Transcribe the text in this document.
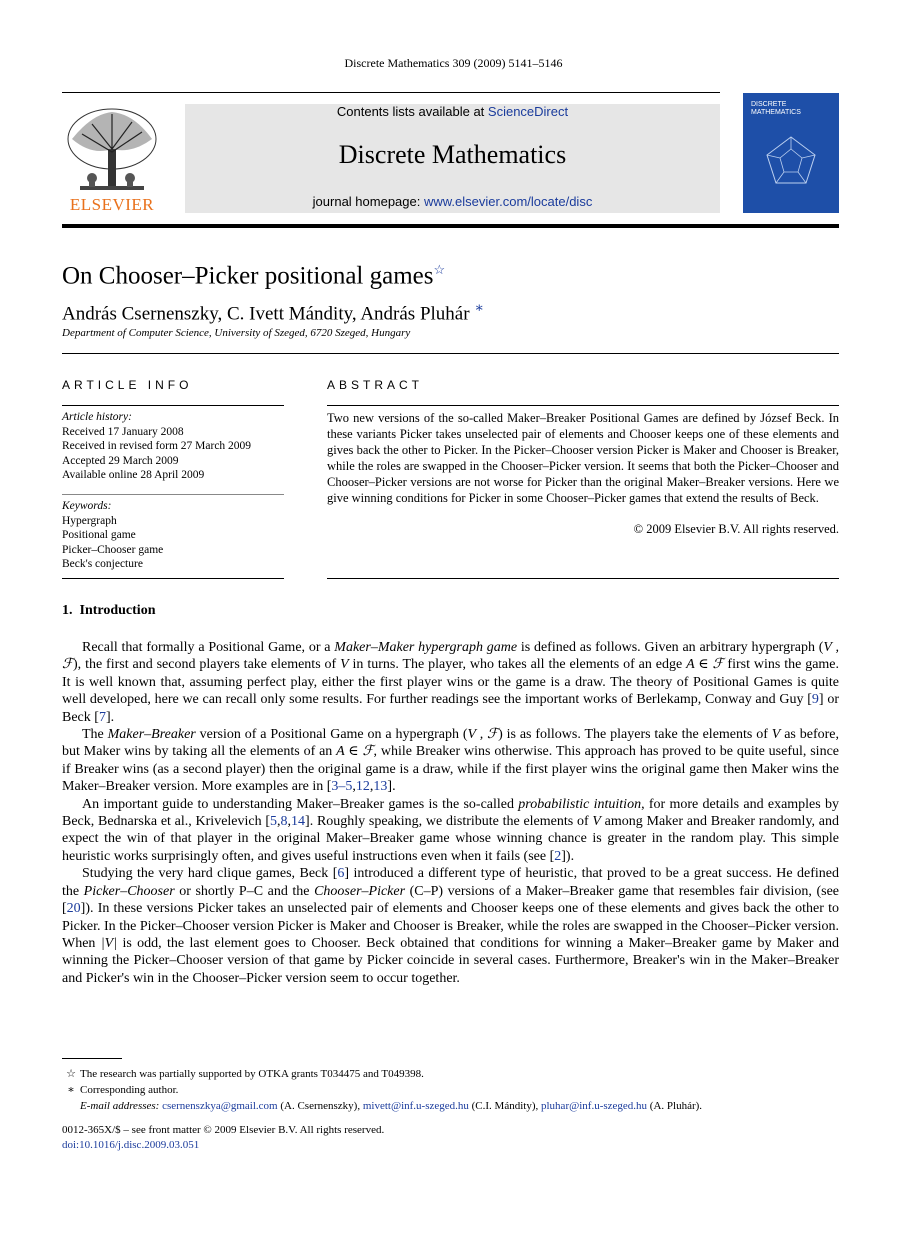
Discrete Mathematics 309 (2009) 5141–5146
ELSEVIER
Contents lists available at ScienceDirect
Discrete Mathematics
journal homepage: www.elsevier.com/locate/disc
DISCRETE MATHEMATICS
On Chooser–Picker positional games☆
András Csernenszky, C. Ivett Mándity, András Pluhár ∗
Department of Computer Science, University of Szeged, 6720 Szeged, Hungary
ARTICLE INFO	ABSTRACT
Article history:
Received 17 January 2008
Received in revised form 27 March 2009
Accepted 29 March 2009
Available online 28 April 2009
Keywords:
Hypergraph
Positional game
Picker–Chooser game
Beck's conjecture
Two new versions of the so-called Maker–Breaker Positional Games are defined by József Beck. In these variants Picker takes unselected pair of elements and Chooser keeps one of these elements and gives back the other to Picker. In the Picker–Chooser version Picker is Maker and Chooser is Breaker, while the roles are swapped in the Chooser–Picker version. It seems that both the Picker–Chooser and Chooser–Picker versions are not worse for Picker than the original Maker–Breaker versions. Here we give winning conditions for Picker in some Chooser–Picker games that extend the results of Beck.
© 2009 Elsevier B.V. All rights reserved.
1. Introduction

Recall that formally a Positional Game, or a Maker–Maker hypergraph game is defined as follows. Given an arbitrary hypergraph (V , ℱ), the first and second players take elements of V in turns. The player, who takes all the elements of an edge A ∈ ℱ first wins the game. It is well known that, assuming perfect play, either the first player wins or the game is a draw. The theory of Positional Games is quite well developed, here we can recall only some results. For further readings see the important works of Berlekamp, Conway and Guy [9] or Beck [7].

The Maker–Breaker version of a Positional Game on a hypergraph (V , ℱ) is as follows. The players take the elements of V as before, but Maker wins by taking all the elements of an A ∈ ℱ, while Breaker wins otherwise. This approach has proved to be quite useful, since if Breaker wins (as a second player) then the original game is a draw, while if the first player wins the original game then Maker wins the Maker–Breaker version. More examples are in [3–5,12,13].

An important guide to understanding Maker–Breaker games is the so-called probabilistic intuition, for more details and examples by Beck, Bednarska et al., Krivelevich [5,8,14]. Roughly speaking, we distribute the elements of V among Maker and Breaker randomly, and expect the win of that player in the original Maker–Breaker game whose winning chance is greater in the random play. This simple heuristic works surprisingly often, and gives useful instructions even when it fails (see [2]).

Studying the very hard clique games, Beck [6] introduced a different type of heuristic, that proved to be a great success. He defined the Picker–Chooser or shortly P–C and the Chooser–Picker (C–P) versions of a Maker–Breaker game that resembles fair division, (see [20]). In these versions Picker takes an unselected pair of elements and Chooser keeps one of these elements and gives back the other to Picker. In the Picker–Chooser version Picker is Maker and Chooser is Breaker, while the roles are swapped in the Chooser–Picker version. When |V| is odd, the last element goes to Chooser. Beck obtained that conditions for winning a Maker–Breaker game by Maker and winning the Picker–Chooser version of that game by Picker coincide in several cases. Furthermore, Breaker's win in the Maker–Breaker and Picker's win in the Chooser–Picker version seem to occur together.

☆ The research was partially supported by OTKA grants T034475 and T049398.
∗ Corresponding author.
E-mail addresses: csernenszkya@gmail.com (A. Csernenszky), mivett@inf.u-szeged.hu (C.I. Mándity), pluhar@inf.u-szeged.hu (A. Pluhár).
0012-365X/$ – see front matter © 2009 Elsevier B.V. All rights reserved.
doi:10.1016/j.disc.2009.03.051
